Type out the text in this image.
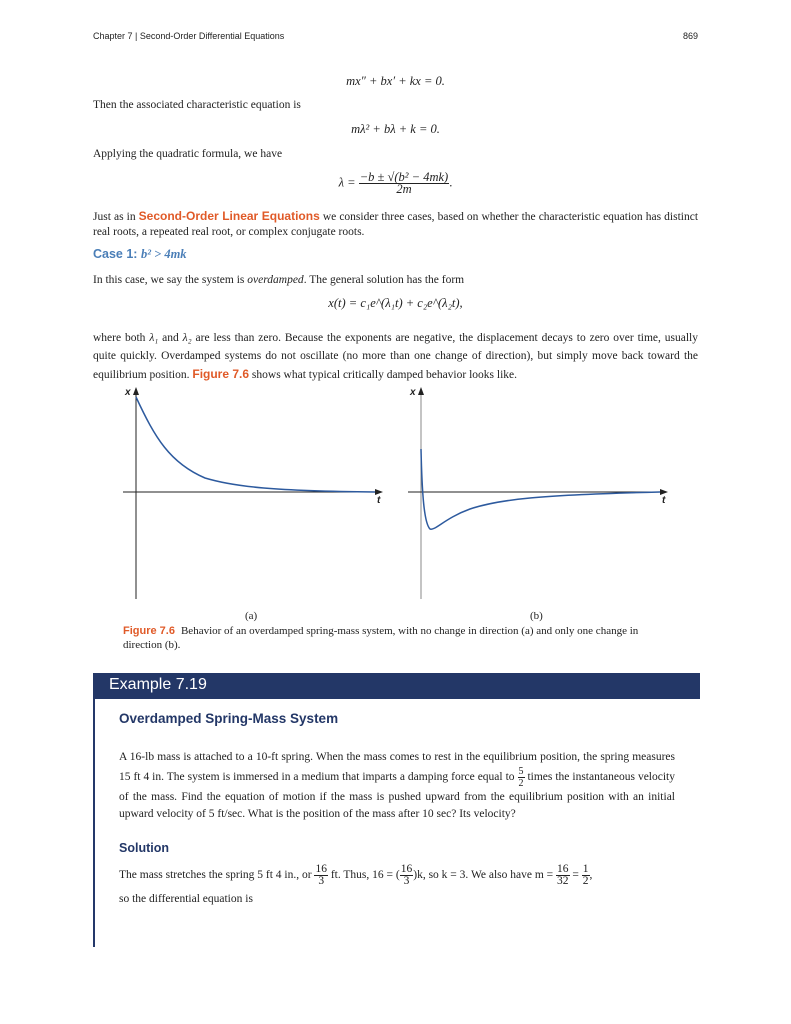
Chapter 7 | Second-Order Differential Equations	869
mx″ + bx′ + kx = 0.
Then the associated characteristic equation is
mλ² + bλ + k = 0.
Applying the quadratic formula, we have
$\lambda = \frac{\text{−b ± √(b² − 4mk)}}{2m}$ .
Just as in Second-Order Linear Equations we consider three cases, based on whether the characteristic equation has distinct real roots, a repeated real root, or complex conjugate roots.
Case 1: b² > 4mk
In this case, we say the system is overdamped. The general solution has the form
x(t) = c₁e^(λ₁t) + c₂e^(λ₂t),
where both λ₁ and λ₂ are less than zero. Because the exponents are negative, the displacement decays to zero over time, usually quite quickly. Overdamped systems do not oscillate (no more than one change of direction), but simply move back toward the equilibrium position. Figure 7.6 shows what typical critically damped behavior looks like.
x
t
x
t
(a)	(b)
Figure 7.6 Behavior of an overdamped spring-mass system, with no change in direction (a) and only one change in direction (b).
Example 7.19
Overdamped Spring-Mass System
A 16-lb mass is attached to a 10-ft spring. When the mass comes to rest in the equilibrium position, the spring measures 15 ft 4 in. The system is immersed in a medium that imparts a damping force equal to $\frac{5}{2}$ times the instantaneous velocity of the mass. Find the equation of motion if the mass is pushed upward from the equilibrium position with an initial upward velocity of 5 ft/sec. What is the position of the mass after 10 sec? Its velocity?
Solution
The mass stretches the spring 5 ft 4 in., or $\frac{16}{3}$ ft. Thus, 16 = ( $\frac{16}{3} )k$, so k = 3. We also have $m = \frac{16}{32} = \frac{1}{2}$ ,
so the differential equation is
